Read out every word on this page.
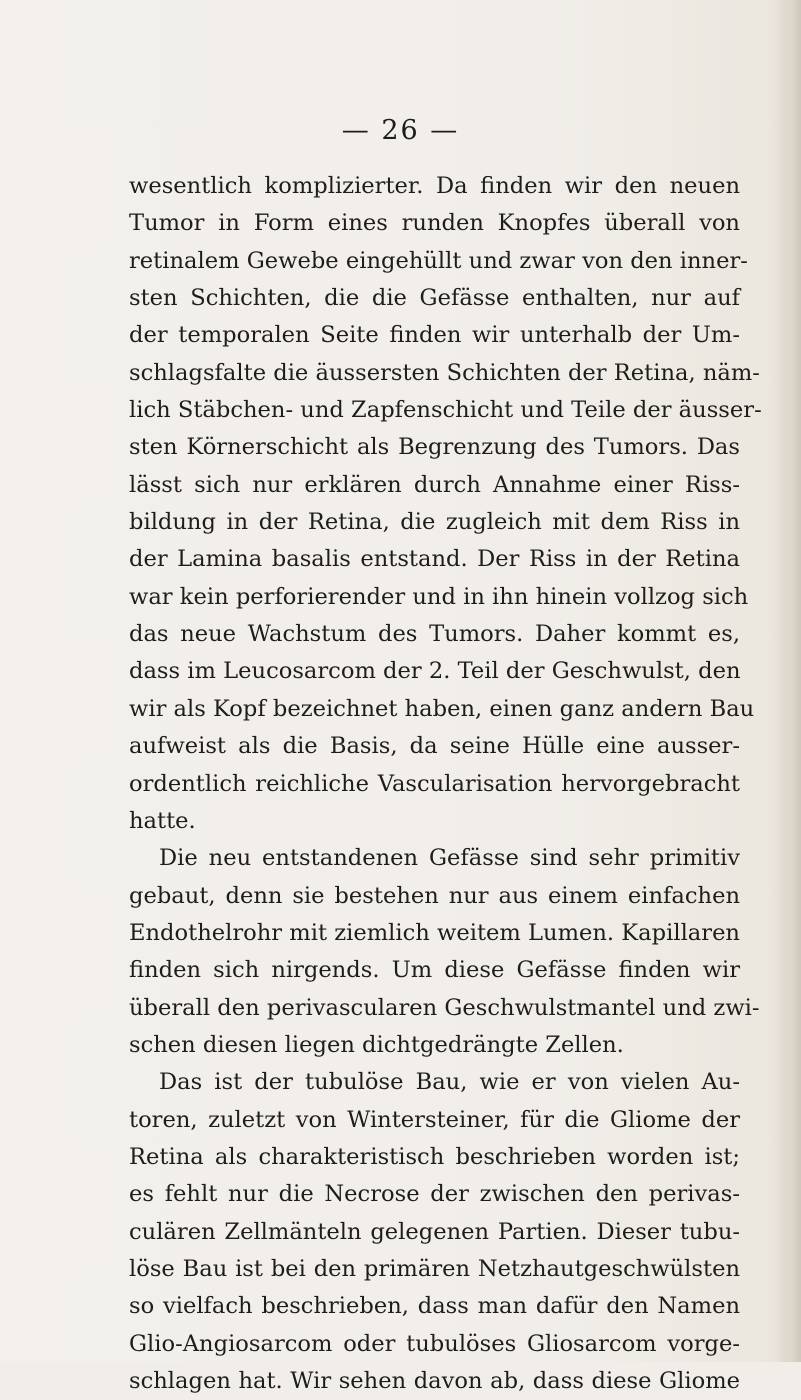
— 26 —
wesentlich komplizierter. Da finden wir den neuen
Tumor in Form eines runden Knopfes überall von
retinalem Gewebe eingehüllt und zwar von den inner-
sten Schichten, die die Gefässe enthalten, nur auf
der temporalen Seite finden wir unterhalb der Um-
schlagsfalte die äussersten Schichten der Retina, näm-
lich Stäbchen- und Zapfenschicht und Teile der äusser-
sten Körnerschicht als Begrenzung des Tumors. Das
lässt sich nur erklären durch Annahme einer Riss-
bildung in der Retina, die zugleich mit dem Riss in
der Lamina basalis entstand. Der Riss in der Retina
war kein perforierender und in ihn hinein vollzog sich
das neue Wachstum des Tumors. Daher kommt es,
dass im Leucosarcom der 2. Teil der Geschwulst, den
wir als Kopf bezeichnet haben, einen ganz andern Bau
aufweist als die Basis, da seine Hülle eine ausser-
ordentlich reichliche Vascularisation hervorgebracht
hatte.
Die neu entstandenen Gefässe sind sehr primitiv
gebaut, denn sie bestehen nur aus einem einfachen
Endothelrohr mit ziemlich weitem Lumen. Kapillaren
finden sich nirgends. Um diese Gefässe finden wir
überall den perivascularen Geschwulstmantel und zwi-
schen diesen liegen dichtgedrängte Zellen.
Das ist der tubulöse Bau, wie er von vielen Au-
toren, zuletzt von Wintersteiner, für die Gliome der
Retina als charakteristisch beschrieben worden ist;
es fehlt nur die Necrose der zwischen den perivas-
culären Zellmänteln gelegenen Partien. Dieser tubu-
löse Bau ist bei den primären Netzhautgeschwülsten
so vielfach beschrieben, dass man dafür den Namen
Glio-Angiosarcom oder tubulöses Gliosarcom vorge-
schlagen hat. Wir sehen davon ab, dass diese Gliome
